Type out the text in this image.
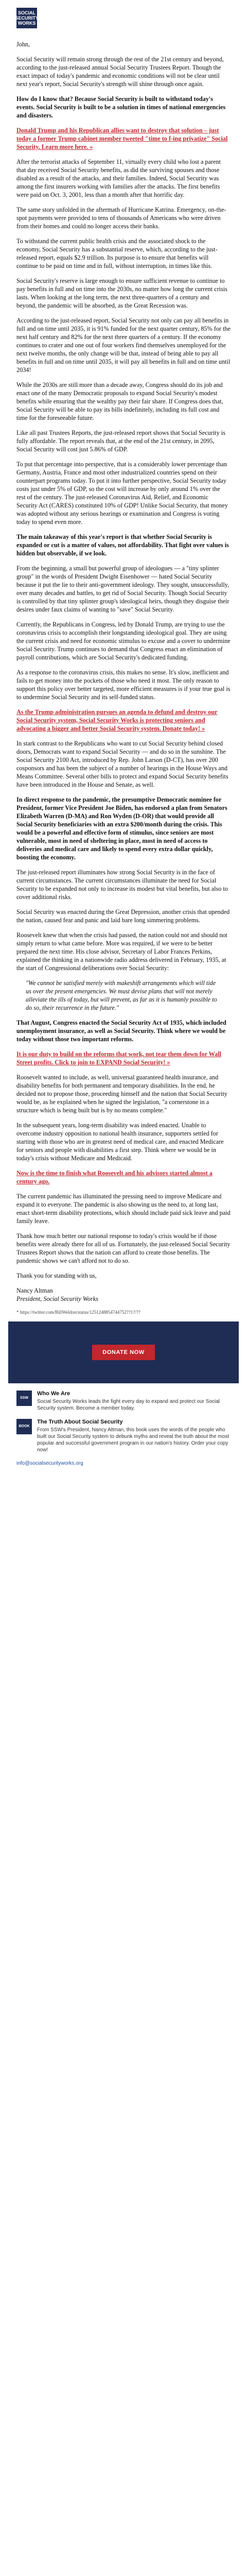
SOCIAL SECURITY WORKS

John,

Social Security will remain strong through the rest of the 21st century and beyond, according to the just-released annual Social Security Trustees Report. Though the exact impact of today's pandemic and economic conditions will not be clear until next year's report, Social Security's strength will shine through once again.

How do I know that? Because Social Security is built to withstand today's events. Social Security is built to be a solution in times of national emergencies and disasters.

Donald Trump and his Republican allies want to destroy that solution – just today a former Trump cabinet member tweeted "time to f-ing privatize" Social Security. Learn more here. »

After the terrorist attacks of September 11, virtually every child who lost a parent that day received Social Security benefits, as did the surviving spouses and those disabled as a result of the attacks, and their families. Indeed, Social Security was among the first insurers working with families after the attacks. The first benefits were paid on Oct. 3, 2001, less than a month after that horrific day.

The same story unfolded in the aftermath of Hurricane Katrina. Emergency, on-the-spot payments were provided to tens of thousands of Americans who were driven from their homes and could no longer access their banks.

To withstand the current public health crisis and the associated shock to the economy, Social Security has a substantial reserve, which, according to the just-released report, equals $2.9 trillion. Its purpose is to ensure that benefits will continue to be paid on time and in full, without interruption, in times like this.

Social Security's reserve is large enough to ensure sufficient revenue to continue to pay benefits in full and on time into the 2030s, no matter how long the current crisis lasts. When looking at the long term, the next three-quarters of a century and beyond, the pandemic will be absorbed, as the Great Recession was.

According to the just-released report, Social Security not only can pay all benefits in full and on time until 2035, it is 91% funded for the next quarter century, 85% for the next half century and 82% for the next three quarters of a century. If the economy continues to crater and one out of four workers find themselves unemployed for the next twelve months, the only change will be that, instead of being able to pay all benefits in full and on time until 2035, it will pay all benefits in full and on time until 2034!

While the 2030s are still more than a decade away, Congress should do its job and enact one of the many Democratic proposals to expand Social Security's modest benefits while ensuring that the wealthy pay their fair share. If Congress does that, Social Security will be able to pay its bills indefinitely, including its full cost and time for the foreseeable future.

Like all past Trustees Reports, the just-released report shows that Social Security is fully affordable. The report reveals that, at the end of the 21st century, in 2095, Social Security will cost just 5.86% of GDP.

To put that percentage into perspective, that is a considerably lower percentage than Germany, Austria, France and most other industrialized countries spend on their counterpart programs today. To put it into further perspective, Social Security today costs just under 5% of GDP, so the cost will increase by only around 1% over the rest of the century. The just-released Coronavirus Aid, Relief, and Economic Security Act (CARES) constituted 10% of GDP! Unlike Social Security, that money was adopted without any serious hearings or examination and Congress is voting today to spend even more.

The main takeaway of this year's report is that whether Social Security is expanded or cut is a matter of values, not affordability. That fight over values is hidden but observable, if we look.

From the beginning, a small but powerful group of ideologues — a "tiny splinter group" in the words of President Dwight Eisenhower — hated Social Security because it put the lie to their anti-government ideology. They sought, unsuccessfully, over many decades and battles, to get rid of Social Security. Though Social Security is controlled by that tiny splinter group's ideological heirs, though they disguise their desires under faux claims of wanting to "save" Social Security.

Currently, the Republicans in Congress, led by Donald Trump, are trying to use the coronavirus crisis to accomplish their longstanding ideological goal. They are using the current crisis and need for economic stimulus to excuse and a cover to undermine Social Security. Trump continues to demand that Congress enact an elimination of payroll contributions, which are Social Security's dedicated funding.

As a response to the coronavirus crisis, this makes no sense. It's slow, inefficient and fails to get money into the pockets of those who need it most. The only reason to support this policy over better targeted, more efficient measures is if your true goal is to undermine Social Security and its self-funded status.

As the Trump administration pursues an agenda to defund and destroy our Social Security system, Social Security Works is protecting seniors and advocating a bigger and better Social Security system. Donate today! »

In stark contrast to the Republicans who want to cut Social Security behind closed doors, Democrats want to expand Social Security — and do so in the sunshine. The Social Security 2100 Act, introduced by Rep. John Larson (D-CT), has over 200 cosponsors and has been the subject of a number of hearings in the House Ways and Means Committee. Several other bills to protect and expand Social Security benefits have been introduced in the House and Senate, as well.

In direct response to the pandemic, the presumptive Democratic nominee for President, former Vice President Joe Biden, has endorsed a plan from Senators Elizabeth Warren (D-MA) and Ron Wyden (D-OR) that would provide all Social Security beneficiaries with an extra $200/month during the crisis. This would be a powerful and effective form of stimulus, since seniors are most vulnerable, most in need of sheltering in place, most in need of access to deliveries and medical care and likely to spend every extra dollar quickly, boosting the economy.

The just-released report illuminates how strong Social Security is in the face of current circumstances. The current circumstances illuminate the need for Social Security to be expanded not only to increase its modest but vital benefits, but also to cover additional risks.

Social Security was enacted during the Great Depression, another crisis that upended the nation, caused fear and panic and laid bare long simmering problems.

Roosevelt knew that when the crisis had passed, the nation could not and should not simply return to what came before. More was required, if we were to be better prepared the next time. His close advisor, Secretary of Labor Frances Perkins, explained the thinking in a nationwide radio address delivered in February, 1935, at the start of Congressional deliberations over Social Security:

"We cannot be satisfied merely with makeshift arrangements which will tide us over the present emergencies. We must devise plans that will not merely alleviate the ills of today, but will prevent, as far as it is humanly possible to do so, their recurrence in the future."

That August, Congress enacted the Social Security Act of 1935, which included unemployment insurance, as well as Social Security. Think where we would be today without those two important reforms.

It is our duty to build on the reforms that work, not tear them down for Wall Street profits. Click to join to EXPAND Social Security! »

Roosevelt wanted to include, as well, universal guaranteed health insurance, and disability benefits for both permanent and temporary disabilities. In the end, he decided not to propose those, proceeding himself and the nation that Social Security would be, as he explained when he signed the legislation, "a cornerstone in a structure which is being built but is by no means complete."

In the subsequent years, long-term disability was indeed enacted. Unable to overcome industry opposition to national health insurance, supporters settled for starting with those who are in greatest need of medical care, and enacted Medicare for seniors and people with disabilities a first step. Think where we would be in today's crisis without Medicare and Medicaid.

Now is the time to finish what Roosevelt and his advisors started almost a century ago.

The current pandemic has illuminated the pressing need to improve Medicare and expand it to everyone. The pandemic is also showing us the need to, at long last, enact short-term disability protections, which should include paid sick leave and paid family leave.

Thank how much better our national response to today's crisis would be if those benefits were already there for all of us. Fortunately, the just-released Social Security Trustees Report shows that the nation can afford to create those benefits. The pandemic shows we can't afford not to do so.

Thank you for standing with us,

Nancy Altman

President, Social Security Works

* https://twitter.com/BillWeldon/status/1251248854744752??1?/??
DONATE NOW
SSW
Who We Are
Social Security Works leads the fight every day to expand and protect our Social Security system. Become a member today.
BOOK
The Truth About Social Security
From SSW's President, Nancy Altman, this book uses the words of the people who built our Social Security system to debunk myths and reveal the truth about the most popular and successful government program in our nation's history. Order your copy now!
info@socialsecurityworks.org
